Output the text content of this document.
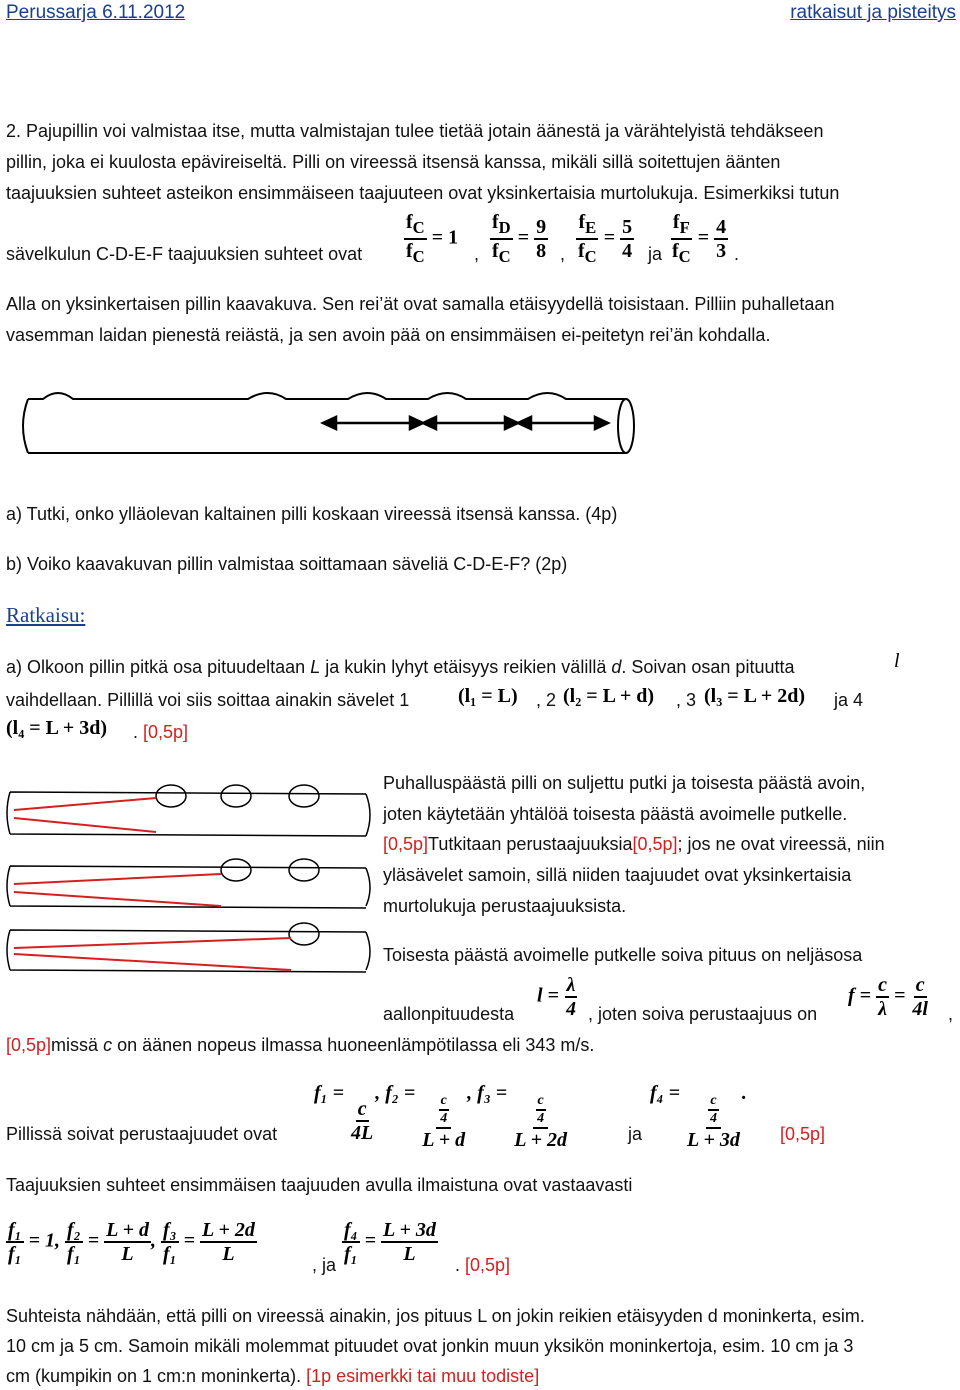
Perussarja 6.11.2012	ratkaisut ja pisteitys
2. Pajupillin voi valmistaa itse, mutta valmistajan tulee tietää jotain äänestä ja värähtelyistä tehdäkseen
pillin, joka ei kuulosta epävireiseltä. Pilli on vireessä itsensä kanssa, mikäli sillä soitettujen äänten
taajuuksien suhteet asteikon ensimmäiseen taajuuteen ovat yksinkertaisia murtolukuja. Esimerkiksi tutun
sävelkulun C-D-E-F taajuuksien suhteet ovat $\frac{f_C}{f_C} = 1$
, $\frac{f_D}{f_C} = \frac{9}{8}$ , $\frac{f_E}{f_C} = \frac{5}{4}$ ja $\frac{f_F}{f_C} = \frac{4}{3}$ .
Alla on yksinkertaisen pillin kaavakuva. Sen rei’ät ovat samalla etäisyydellä toisistaan. Pilliin puhalletaan
vasemman laidan pienestä reiästä, ja sen avoin pää on ensimmäisen ei-peitetyn rei’än kohdalla.
a) Tutki, onko ylläolevan kaltainen pilli koskaan vireessä itsensä kanssa. (4p)
b) Voiko kaavakuvan pillin valmistaa soittamaan säveliä C-D-E-F? (2p)
Ratkaisu:
a) Olkoon pillin pitkä osa pituudeltaan L ja kukin lyhyt etäisyys reikien välillä d. Soivan osan pituutta	l
vaihdellaan. Pillillä voi siis soittaa ainakin sävelet 1 (l₁ = L) , 2 (l₂ = L + d) , 3 (l₃ = L + 2d) ja 4
(l₄ = L + 3d) . [0,5p]
Puhalluspäästä pilli on suljettu putki ja toisesta päästä avoin,
joten käytetään yhtälöä toisesta päästä avoimelle putkelle.
[0,5p]Tutkitaan perustaajuuksia[0,5p]; jos ne ovat vireessä, niin
yläsävelet samoin, sillä niiden taajuudet ovat yksinkertaisia
murtolukuja perustaajuuksista.
Toisesta päästä avoimelle putkelle soiva pituus on neljäsosa
aallonpituudesta
$l = \frac{\lambda}{4}$ , joten soiva perustaajuus on
$f = \frac{c}{\lambda} = \frac{c}{4l}$ ,
[0,5p]missä c on äänen nopeus ilmassa huoneenlämpötilassa eli 343 m/s.
Pillissä soivat perustaajuudet ovat
f₁ =
$\frac{c}{4L}$
, f₂ =
$\frac{\frac{c}{4}}{L + d}$
, f₃ =
$\frac{\frac{c}{4}}{L + 2d}$	ja
f₄ =
$\frac{\frac{c}{4}}{L + 3d}$
.
[0,5p]
Taajuuksien suhteet ensimmäisen taajuuden avulla ilmaistuna ovat vastaavasti
$\frac{\text{f₁}}{\text{f₁}} = 1$, $\frac{\text{f₂}}{\text{f₁}} = \frac{L + d}{L}$ , $\frac{\text{f₃}}{\text{f₁}} = \frac{L + 2d}{L}$
, ja
$\frac{\text{f₄}}{\text{f₁}} = \frac{L + 3d}{L}$
. [0,5p]
Suhteista nähdään, että pilli on vireessä ainakin, jos pituus L on jokin reikien etäisyyden d moninkerta, esim.
10 cm ja 5 cm. Samoin mikäli molemmat pituudet ovat jonkin muun yksikön moninkertoja, esim. 10 cm ja 3
cm (kumpikin on 1 cm:n moninkerta). [1p esimerkki tai muu todiste]
